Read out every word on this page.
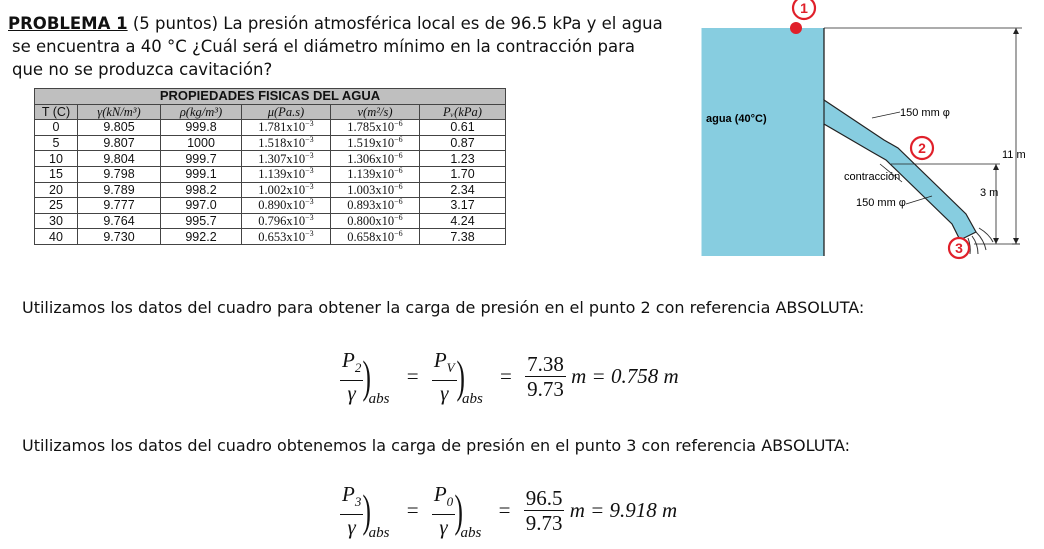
PROBLEMA 1 (5 puntos) La presión atmosférica local es de 96.5 kPa y el agua
se encuentra a 40 °C ¿Cuál será el diámetro mínimo en la contracción para
que no se produzca cavitación?
PROPIEDADES FISICAS DEL AGUA					
T (C)	γ(kN/m³)	ρ(kg/m³)	μ(Pa.s)	ν(m²/s)	Pᵥ(kPa)
0	9.805	999.8	$1.781x10^{-3}$	$1.785x10^{-6}$	0.61
5	9.807	1000	$1.518x10^{-3}$	$1.519x10^{-6}$	0.87
10	9.804	999.7	$1.307x10^{-3}$	$1.306x10^{-6}$	1.23
15	9.798	999.1	$1.139x10^{-3}$	$1.139x10^{-6}$	1.70
20	9.789	998.2	$1.002x10^{-3}$	$1.003x10^{-6}$	2.34
25	9.777	997.0	$0.890x10^{-3}$	$0.893x10^{-6}$	3.17
30	9.764	995.7	$0.796x10^{-3}$	$0.800x10^{-6}$	4.24
40	9.730	992.2	$0.653x10^{-3}$	$0.658x10^{-6}$	7.38
11 m
3 m
agua (40°C)	150 mm φ
contracción
150 mm φ
1
2
3
Utilizamos los datos del cuadro para obtener la carga de presión en el punto 2 con referencia ABSOLUTA:
$\frac{P_2}{\gamma} )_{abs} = \frac{P_V}{\gamma} )_{abs} = \frac{7.38}{9.73}$ m = 0.758 m
Utilizamos los datos del cuadro obtenemos la carga de presión en el punto 3 con referencia ABSOLUTA:
$\frac{P_3}{\gamma} )_{abs} = \frac{P_0}{\gamma} )_{abs} = \frac{96.5}{9.73}$ m = 9.918 m
